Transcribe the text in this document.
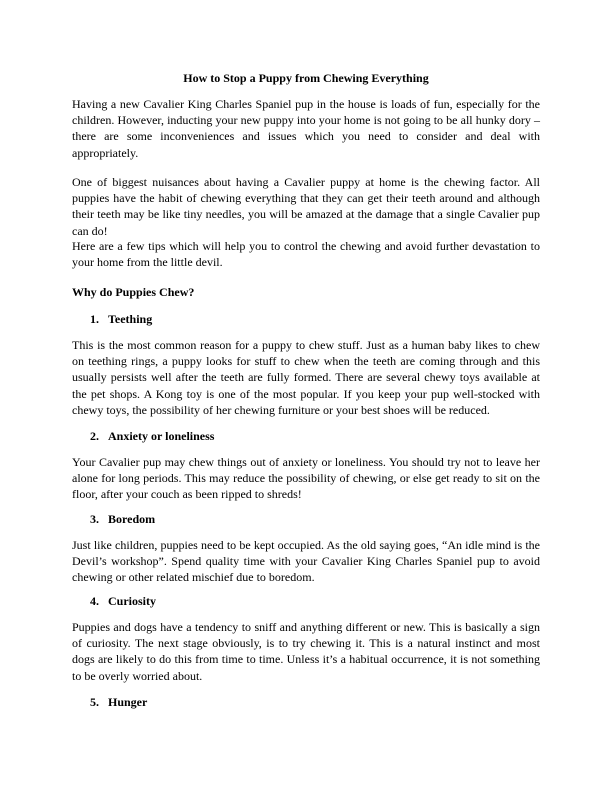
How to Stop a Puppy from Chewing Everything

Having a new Cavalier King Charles Spaniel pup in the house is loads of fun, especially for the children. However, inducting your new puppy into your home is not going to be all hunky dory – there are some inconveniences and issues which you need to consider and deal with appropriately.

One of biggest nuisances about having a Cavalier puppy at home is the chewing factor. All puppies have the habit of chewing everything that they can get their teeth around and although their teeth may be like tiny needles, you will be amazed at the damage that a single Cavalier pup can do!

Here are a few tips which will help you to control the chewing and avoid further devastation to your home from the little devil.

Why do Puppies Chew?
1. Teething

This is the most common reason for a puppy to chew stuff. Just as a human baby likes to chew on teething rings, a puppy looks for stuff to chew when the teeth are coming through and this usually persists well after the teeth are fully formed. There are several chewy toys available at the pet shops. A Kong toy is one of the most popular. If you keep your pup well-stocked with chewy toys, the possibility of her chewing furniture or your best shoes will be reduced.

2. Anxiety or loneliness

Your Cavalier pup may chew things out of anxiety or loneliness. You should try not to leave her alone for long periods. This may reduce the possibility of chewing, or else get ready to sit on the floor, after your couch as been ripped to shreds!

3. Boredom

Just like children, puppies need to be kept occupied. As the old saying goes, “An idle mind is the Devil’s workshop”. Spend quality time with your Cavalier King Charles Spaniel pup to avoid chewing or other related mischief due to boredom.

4. Curiosity

Puppies and dogs have a tendency to sniff and anything different or new. This is basically a sign of curiosity. The next stage obviously, is to try chewing it. This is a natural instinct and most dogs are likely to do this from time to time. Unless it’s a habitual occurrence, it is not something to be overly worried about.

5. Hunger
